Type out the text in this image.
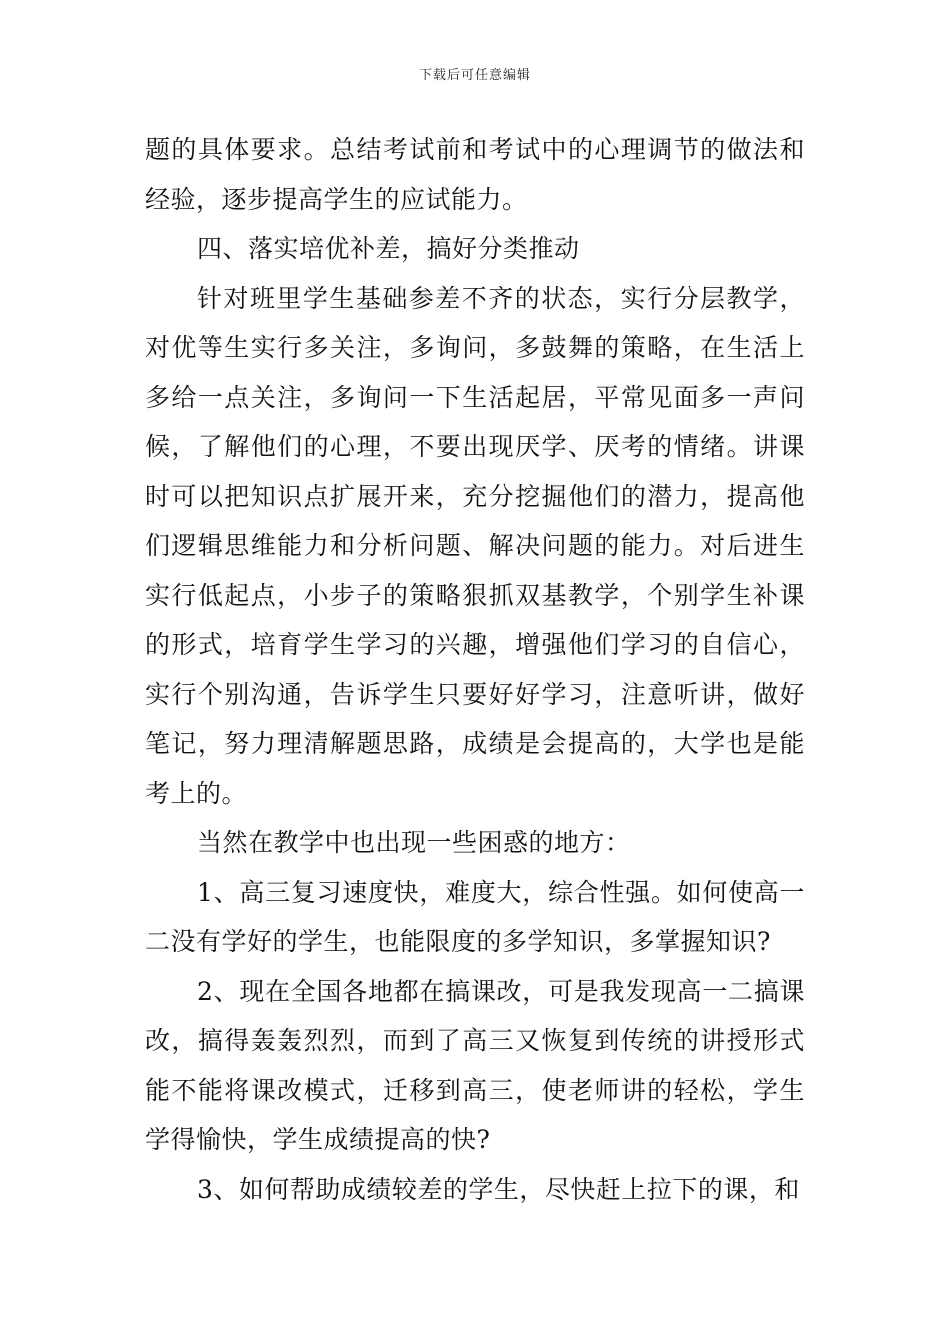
下载后可任意编辑

题的具体要求。总结考试前和考试中的心理调节的做法和经验，逐步提高学生的应试能力。

四、落实培优补差，搞好分类推动

针对班里学生基础参差不齐的状态，实行分层教学，对优等生实行多关注，多询问，多鼓舞的策略，在生活上多给一点关注，多询问一下生活起居，平常见面多一声问候，了解他们的心理，不要出现厌学、厌考的情绪。讲课时可以把知识点扩展开来，充分挖掘他们的潜力，提高他们逻辑思维能力和分析问题、解决问题的能力。对后进生实行低起点，小步子的策略狠抓双基教学，个别学生补课的形式，培育学生学习的兴趣，增强他们学习的自信心，实行个别沟通，告诉学生只要好好学习，注意听讲，做好笔记，努力理清解题思路，成绩是会提高的，大学也是能考上的。

当然在教学中也出现一些困惑的地方：

1、高三复习速度快，难度大，综合性强。如何使高一二没有学好的学生，也能限度的多学知识，多掌握知识?

2、现在全国各地都在搞课改，可是我发现高一二搞课改，搞得轰轰烈烈，而到了高三又恢复到传统的讲授形式能不能将课改模式，迁移到高三，使老师讲的轻松，学生学得愉快，学生成绩提高的快?

3、如何帮助成绩较差的学生，尽快赶上拉下的课，和
